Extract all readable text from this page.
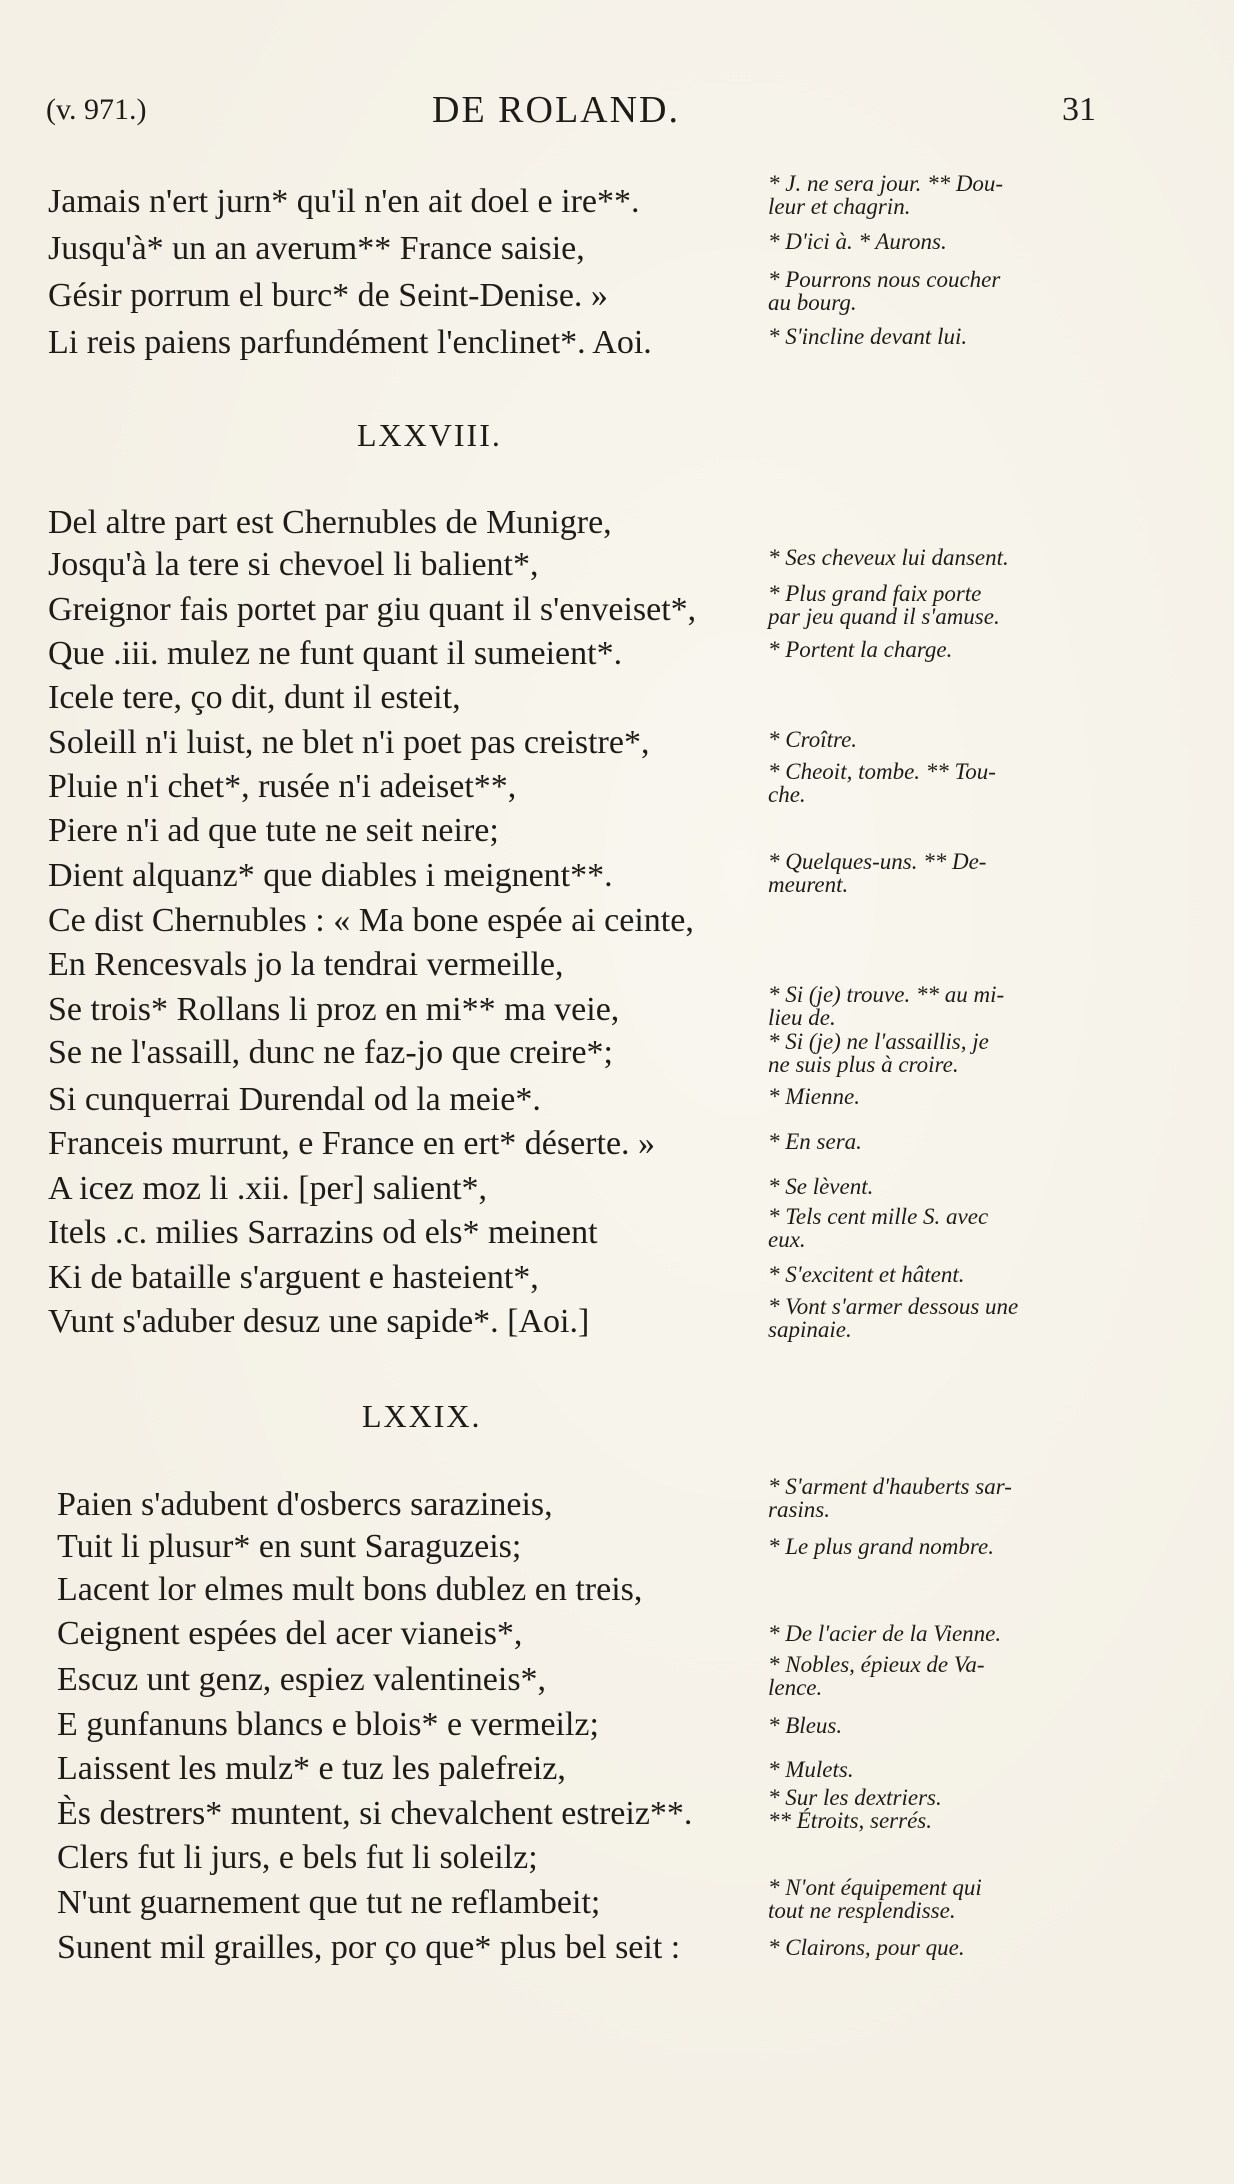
(v. 971.)	DE ROLAND.	31
Jamais n'ert jurn* qu'il n'en ait doel e ire**.
Jusqu'à* un an averum** France saisie,
Gésir porrum el burc* de Seint-Denise. »
Li reis paiens parfundément l'enclinet*. Aoi.
* J. ne sera jour. ** Dou-
leur et chagrin.
* D'ici à. * Aurons.
* Pourrons nous coucher
au bourg.
* S'incline devant lui.
LXXVIII.
Del altre part est Chernubles de Munigre,
Josqu'à la tere si chevoel li balient*,
Greignor fais portet par giu quant il s'enveiset*,
Que .iii. mulez ne funt quant il sumeient*.
Icele tere, ço dit, dunt il esteit,
Soleill n'i luist, ne blet n'i poet pas creistre*,
Pluie n'i chet*, rusée n'i adeiset**,
Piere n'i ad que tute ne seit neire;
Dient alquanz* que diables i meignent**.
Ce dist Chernubles : « Ma bone espée ai ceinte,
En Rencesvals jo la tendrai vermeille,
Se trois* Rollans li proz en mi** ma veie,
Se ne l'assaill, dunc ne faz-jo que creire*;
Si cunquerrai Durendal od la meie*.
Franceis murrunt, e France en ert* déserte. »
A icez moz li .xii. [per] salient*,
Itels .c. milies Sarrazins od els* meinent
Ki de bataille s'arguent e hasteient*,
Vunt s'aduber desuz une sapide*. [Aoi.]
* Ses cheveux lui dansent.
* Plus grand faix porte
par jeu quand il s'amuse.
* Portent la charge.
* Croître.
* Cheoit, tombe. ** Tou-
che.
* Quelques-uns. ** De-
meurent.
* Si (je) trouve. ** au mi-
lieu de.
* Si (je) ne l'assaillis, je
ne suis plus à croire.
* Mienne.
* En sera.
* Se lèvent.
* Tels cent mille S. avec
eux.
* S'excitent et hâtent.
* Vont s'armer dessous une
sapinaie.
LXXIX.
Paien s'adubent d'osbercs sarazineis,
Tuit li plusur* en sunt Saraguzeis;
Lacent lor elmes mult bons dublez en treis,
Ceignent espées del acer vianeis*,
Escuz unt genz, espiez valentineis*,
E gunfanuns blancs e blois* e vermeilz;
Laissent les mulz* e tuz les palefreiz,
Ès destrers* muntent, si chevalchent estreiz**.
Clers fut li jurs, e bels fut li soleilz;
N'unt guarnement que tut ne reflambeit;
Sunent mil grailles, por ço que* plus bel seit :
* S'arment d'hauberts sar-
rasins.
* Le plus grand nombre.
* De l'acier de la Vienne.
* Nobles, épieux de Va-
lence.
* Bleus.
* Mulets.
* Sur les dextriers.
** Étroits, serrés.
* N'ont équipement qui
tout ne resplendisse.
* Clairons, pour que.
